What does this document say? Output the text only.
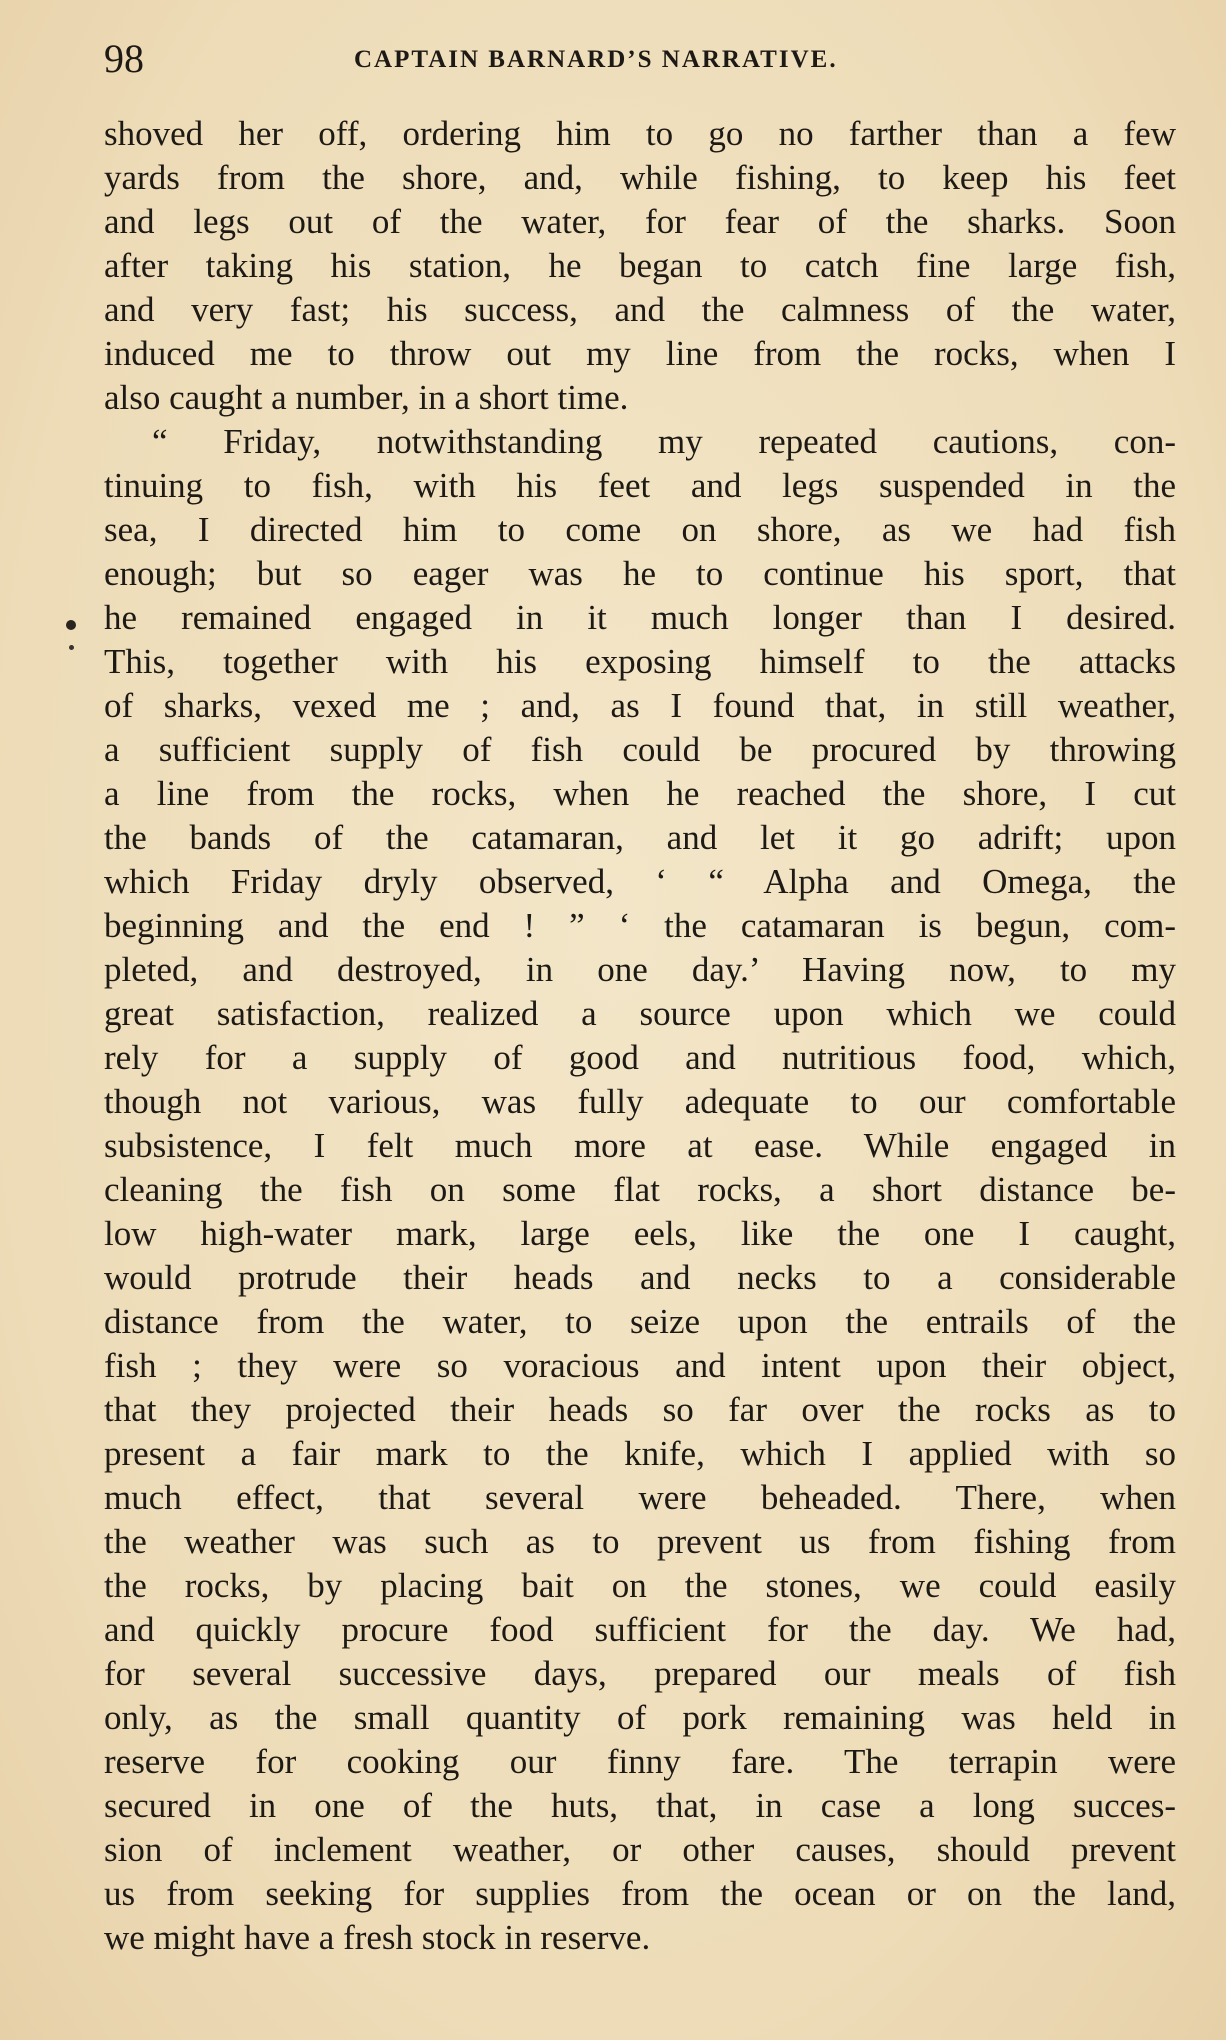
98	CAPTAIN BARNARD’S NARRATIVE.
shoved her off, ordering him to go no farther than a few
yards from the shore, and, while fishing, to keep his feet
and legs out of the water, for fear of the sharks. Soon
after taking his station, he began to catch fine large fish,
and very fast; his success, and the calmness of the water,
induced me to throw out my line from the rocks, when I
also caught a number, in a short time.
“ Friday, notwithstanding my repeated cautions, con-
tinuing to fish, with his feet and legs suspended in the
sea, I directed him to come on shore, as we had fish
enough; but so eager was he to continue his sport, that
he remained engaged in it much longer than I desired.
This, together with his exposing himself to the attacks
of sharks, vexed me ; and, as I found that, in still weather,
a sufficient supply of fish could be procured by throwing
a line from the rocks, when he reached the shore, I cut
the bands of the catamaran, and let it go adrift; upon
which Friday dryly observed, ‘ “ Alpha and Omega, the
beginning and the end ! ” ‘ the catamaran is begun, com-
pleted, and destroyed, in one day.’ Having now, to my
great satisfaction, realized a source upon which we could
rely for a supply of good and nutritious food, which,
though not various, was fully adequate to our comfortable
subsistence, I felt much more at ease. While engaged in
cleaning the fish on some flat rocks, a short distance be-
low high-water mark, large eels, like the one I caught,
would protrude their heads and necks to a considerable
distance from the water, to seize upon the entrails of the
fish ; they were so voracious and intent upon their object,
that they projected their heads so far over the rocks as to
present a fair mark to the knife, which I applied with so
much effect, that several were beheaded. There, when
the weather was such as to prevent us from fishing from
the rocks, by placing bait on the stones, we could easily
and quickly procure food sufficient for the day. We had,
for several successive days, prepared our meals of fish
only, as the small quantity of pork remaining was held in
reserve for cooking our finny fare. The terrapin were
secured in one of the huts, that, in case a long succes-
sion of inclement weather, or other causes, should prevent
us from seeking for supplies from the ocean or on the land,
we might have a fresh stock in reserve.
